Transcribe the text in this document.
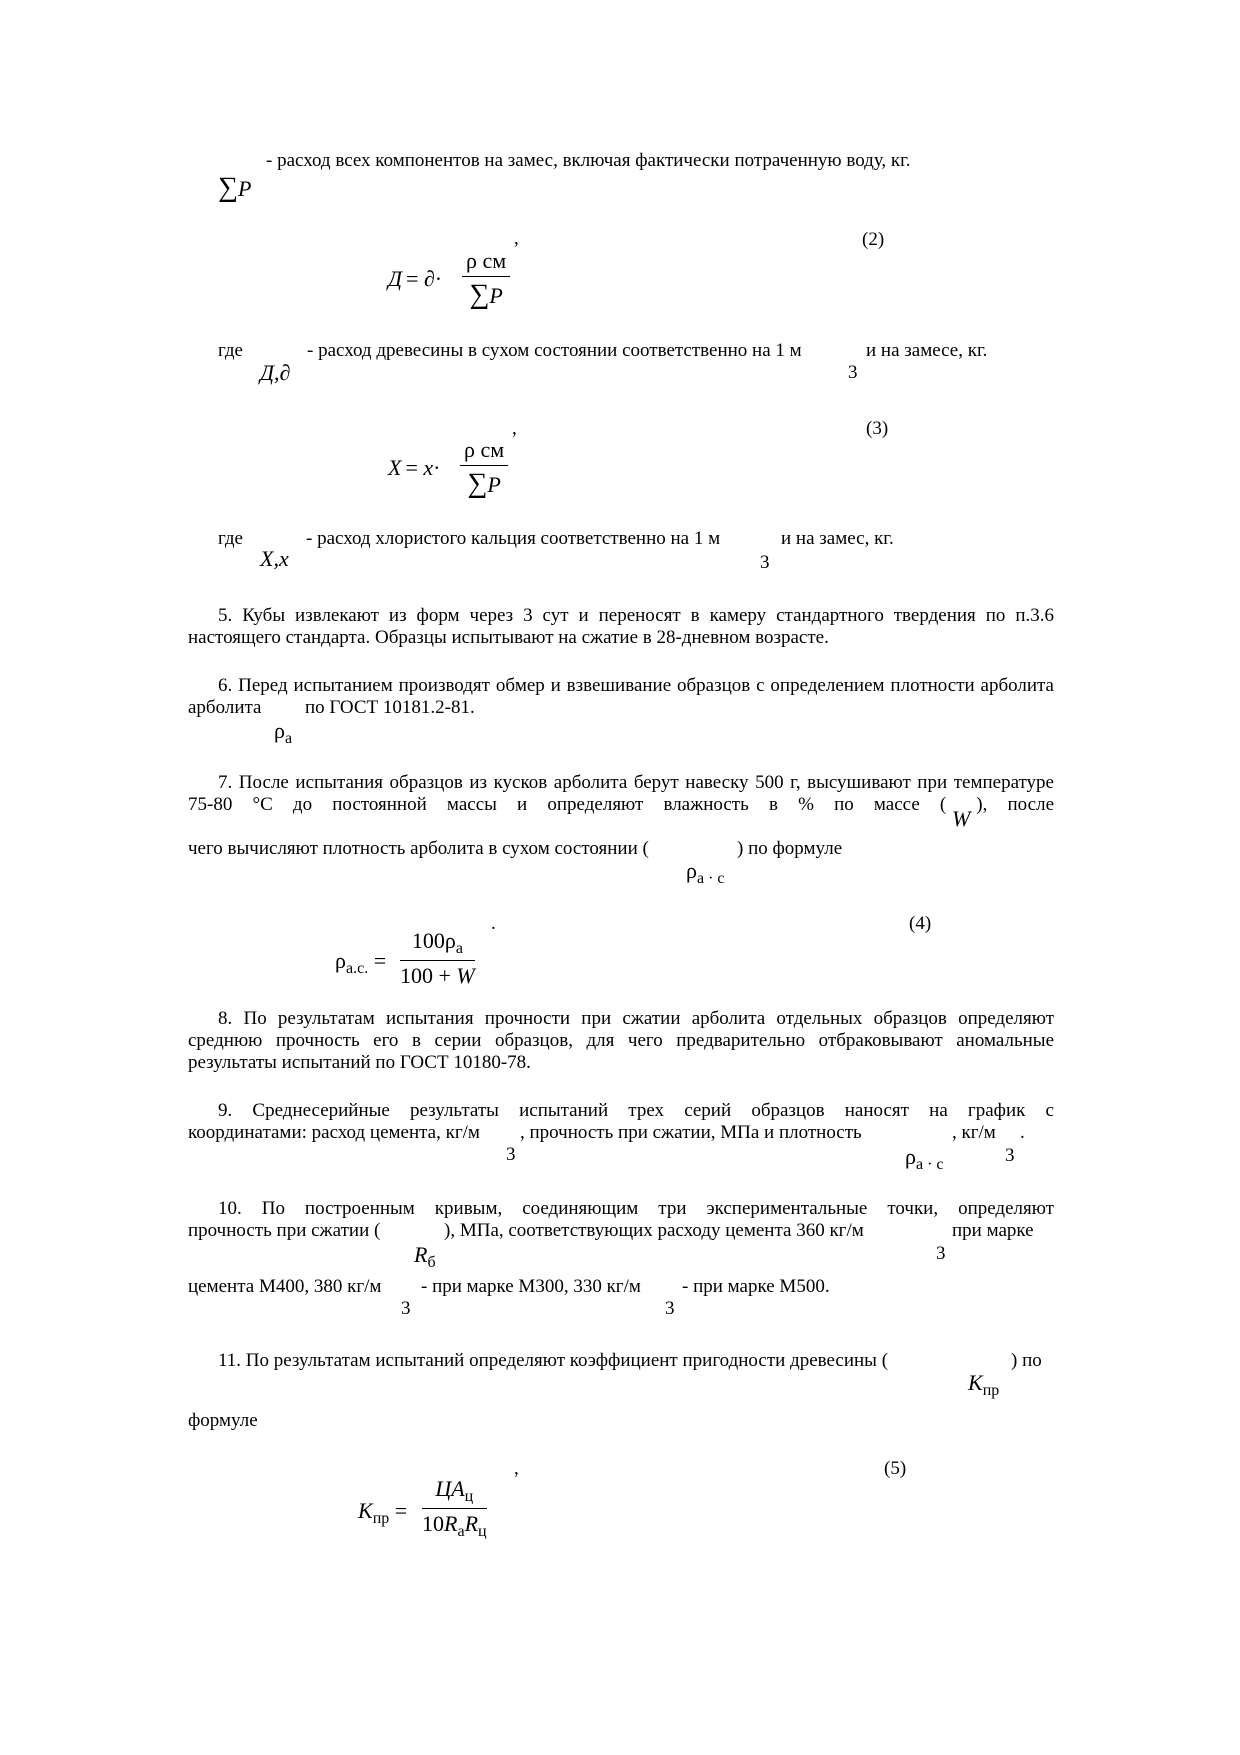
∑P
- расход всех компонентов на замес, включая фактически потраченную воду, кг.
,	(2)
Д = ∂·
ρ см
∑P
где
Д,∂
- расход древесины в сухом состоянии соответственно на 1 м
3
и на замесе, кг.
,	(3)
X = x·
ρ см
∑P
где
X,x
- расход хлористого кальция соответственно на 1 м
3
и на замес, кг.
5. Кубы извлекают из форм через 3 сут и переносят в камеру стандартного твердения по п.3.6 настоящего стандарта. Образцы испытывают на сжатие в 28-дневном возрасте.
6. Перед испытанием производят обмер и взвешивание образцов с определением плотности арболита
арболита по ГОСТ 10181.2-81.
$\rho_а$
7. После испытания образцов из кусков арболита берут навеску 500 г, высушивают при температуре 75-80 °С до постоянной массы и определяют влажность в % по массе ( ), после
W
чего вычисляют плотность арболита в сухом состоянии (	) по формуле
$\rho_{а \cdot с}$
.	(4)
ρа.с. =
$100\rho_а$
100 + W
8. По результатам испытания прочности при сжатии арболита отдельных образцов определяют среднюю прочность его в серии образцов, для чего предварительно отбраковывают аномальные результаты испытаний по ГОСТ 10180-78.
9. Среднесерийные результаты испытаний трех серий образцов наносят на график с
координатами: расход цемента, кг/м
3
, прочность при сжатии, МПа и плотность	, кг/м
3
.
$\rho_{а \cdot с}$
10. По построенным кривым, соединяющим три экспериментальные точки, определяют
прочность при сжатии (	), МПа, соответствующих расходу цемента 360 кг/м
3
при марке
$R_б$
цемента М400, 380 кг/м
3
- при марке М300, 330 кг/м
3
- при марке М500.
11. По результатам испытаний определяют коэффициент пригодности древесины (	) по
$K_{пр}$
формуле
,	(5)
Kпр =
$ЦA_ц$
$10R_аR_ц$
